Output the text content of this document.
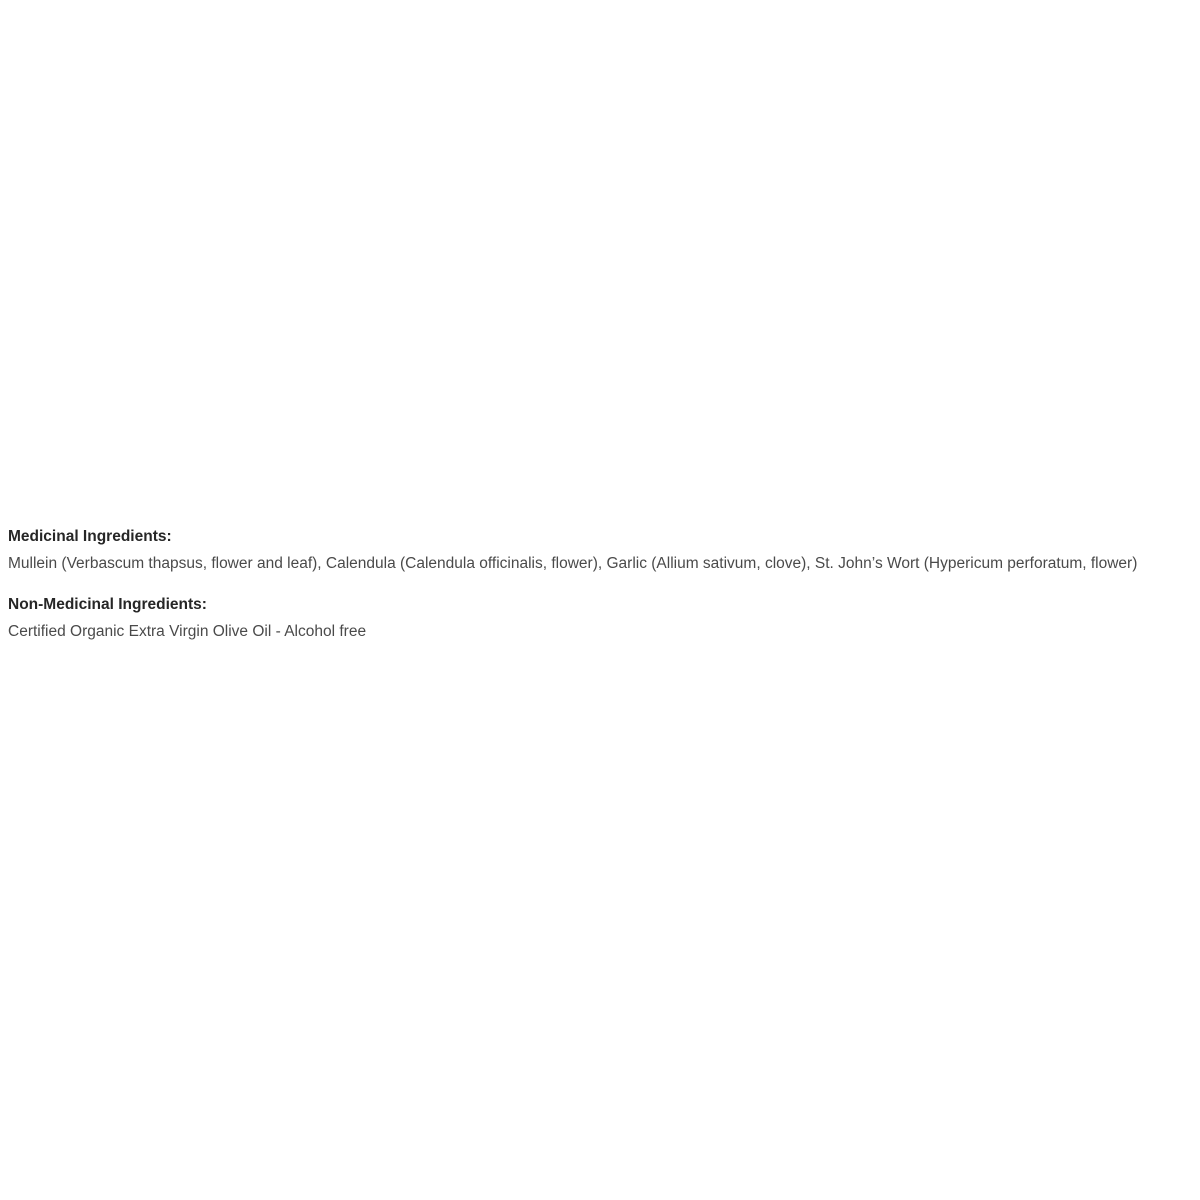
Medicinal Ingredients:

Mullein (Verbascum thapsus, flower and leaf), Calendula (Calendula officinalis, flower), Garlic (Allium sativum, clove), St. John’s Wort (Hypericum perforatum, flower)

Non-Medicinal Ingredients:

Certified Organic Extra Virgin Olive Oil - Alcohol free
